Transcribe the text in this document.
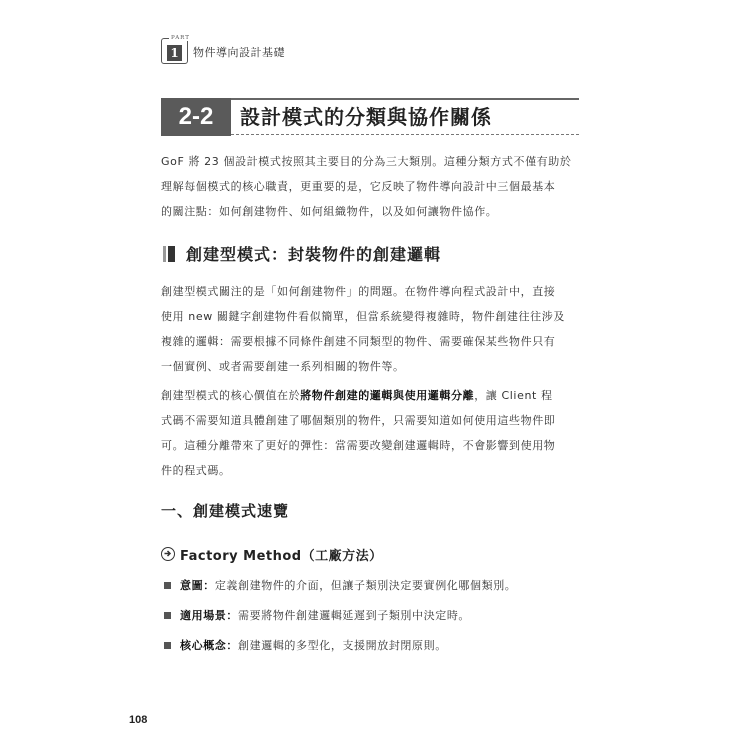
1
PART
物件導向設計基礎
2-2	設計模式的分類與協作關係
GoF 將 23 個設計模式按照其主要目的分為三大類別。這種分類方式不僅有助於
理解每個模式的核心職責，更重要的是，它反映了物件導向設計中三個最基本
的關注點：如何創建物件、如何組織物件，以及如何讓物件協作。
創建型模式：封裝物件的創建邏輯
創建型模式關注的是「如何創建物件」的問題。在物件導向程式設計中，直接
使用 new 關鍵字創建物件看似簡單，但當系統變得複雜時，物件創建往往涉及
複雜的邏輯：需要根據不同條件創建不同類型的物件、需要確保某些物件只有
一個實例、或者需要創建一系列相關的物件等。
創建型模式的核心價值在於將物件創建的邏輯與使用邏輯分離，讓 Client 程
式碼不需要知道具體創建了哪個類別的物件，只需要知道如何使用這些物件即
可。這種分離帶來了更好的彈性：當需要改變創建邏輯時，不會影響到使用物
件的程式碼。
一、創建模式速覽
Factory Method（工廠方法）
意圖：定義創建物件的介面，但讓子類別決定要實例化哪個類別。
適用場景：需要將物件創建邏輯延遲到子類別中決定時。
核心概念：創建邏輯的多型化，支援開放封閉原則。
108
